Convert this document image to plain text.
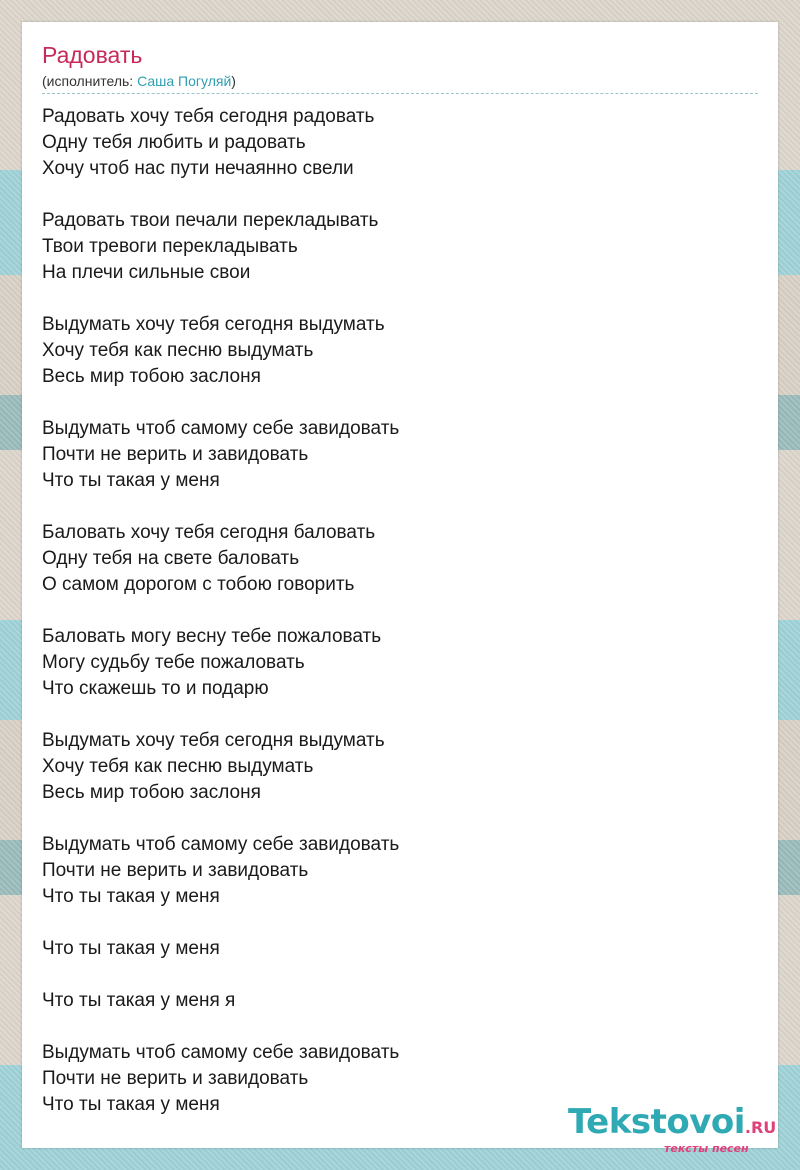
Радовать
(исполнитель: Саша Погуляй)
Радовать хочу тебя сегодня радовать
Одну тебя любить и радовать
Хочу чтоб нас пути нечаянно свели
Радовать твои печали перекладывать
Твои тревоги перекладывать
На плечи сильные свои
Выдумать хочу тебя сегодня выдумать
Хочу тебя как песню выдумать
Весь мир тобою заслоня
Выдумать чтоб самому себе завидовать
Почти не верить и завидовать
Что ты такая у меня
Баловать хочу тебя сегодня баловать
Одну тебя на свете баловать
О самом дорогом с тобою говорить
Баловать могу весну тебе пожаловать
Могу судьбу тебе пожаловать
Что скажешь то и подарю
Выдумать хочу тебя сегодня выдумать
Хочу тебя как песню выдумать
Весь мир тобою заслоня
Выдумать чтоб самому себе завидовать
Почти не верить и завидовать
Что ты такая у меня
Что ты такая у меня
Что ты такая у меня я
Выдумать чтоб самому себе завидовать
Почти не верить и завидовать
Что ты такая у меня	Tekstovoi.RU
тексты песен
